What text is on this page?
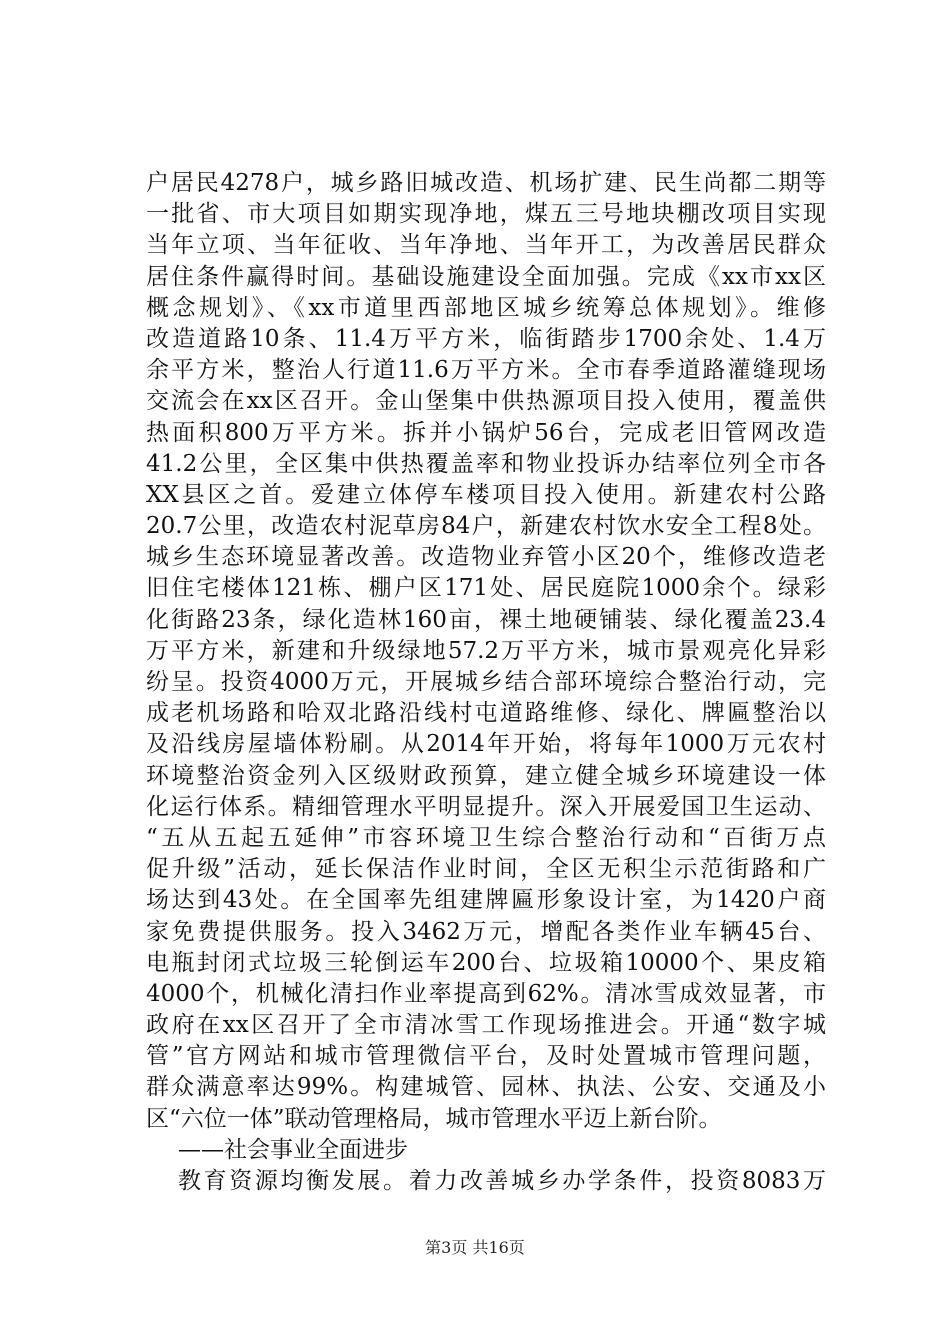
户居民4278户，城乡路旧城改造、机场扩建、民生尚都二期等
一批省、市大项目如期实现净地，煤五三号地块棚改项目实现
当年立项、当年征收、当年净地、当年开工，为改善居民群众
居住条件赢得时间。基础设施建设全面加强。完成《xx市xx区
概念规划》、《xx市道里西部地区城乡统筹总体规划》。维修
改造道路10条、11.4万平方米，临街踏步1700余处、1.4万
余平方米，整治人行道11.6万平方米。全市春季道路灌缝现场
交流会在xx区召开。金山堡集中供热源项目投入使用，覆盖供
热面积800万平方米。拆并小锅炉56台，完成老旧管网改造
41.2公里，全区集中供热覆盖率和物业投诉办结率位列全市各
XX县区之首。爱建立体停车楼项目投入使用。新建农村公路
20.7公里，改造农村泥草房84户，新建农村饮水安全工程8处。
城乡生态环境显著改善。改造物业弃管小区20个，维修改造老
旧住宅楼体121栋、棚户区171处、居民庭院1000余个。绿彩
化街路23条，绿化造林160亩，裸土地硬铺装、绿化覆盖23.4
万平方米，新建和升级绿地57.2万平方米，城市景观亮化异彩
纷呈。投资4000万元，开展城乡结合部环境综合整治行动，完
成老机场路和哈双北路沿线村屯道路维修、绿化、牌匾整治以
及沿线房屋墙体粉刷。从2014年开始，将每年1000万元农村
环境整治资金列入区级财政预算，建立健全城乡环境建设一体
化运行体系。精细管理水平明显提升。深入开展爱国卫生运动、
“五从五起五延伸”市容环境卫生综合整治行动和“百街万点
促升级”活动，延长保洁作业时间，全区无积尘示范街路和广
场达到43处。在全国率先组建牌匾形象设计室，为1420户商
家免费提供服务。投入3462万元，增配各类作业车辆45台、
电瓶封闭式垃圾三轮倒运车200台、垃圾箱10000个、果皮箱
4000个，机械化清扫作业率提高到62%。清冰雪成效显著，市
政府在xx区召开了全市清冰雪工作现场推进会。开通“数字城
管”官方网站和城市管理微信平台，及时处置城市管理问题，
群众满意率达99%。构建城管、园林、执法、公安、交通及小
区“六位一体”联动管理格局，城市管理水平迈上新台阶。
——社会事业全面进步
教育资源均衡发展。着力改善城乡办学条件，投资8083万
第3页 共16页
